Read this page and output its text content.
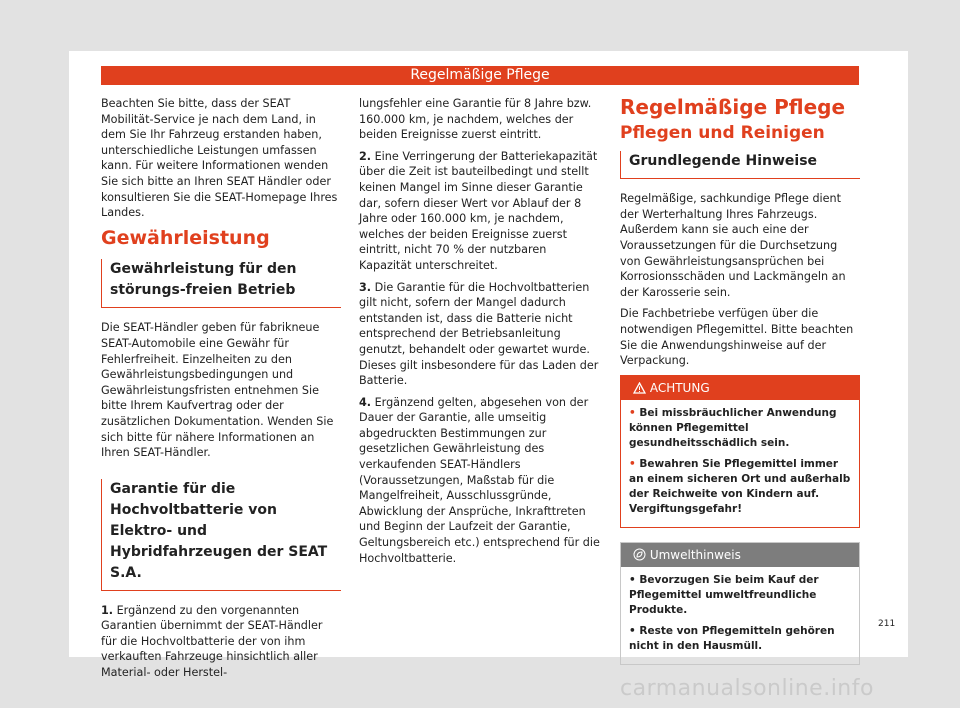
Regelmäßige Pflege

Beachten Sie bitte, dass der SEAT Mobilität-Service je nach dem Land, in dem Sie Ihr Fahrzeug erstanden haben, unterschiedliche Leistungen umfassen kann. Für weitere Informationen wenden Sie sich bitte an Ihren SEAT Händler oder konsultieren Sie die SEAT-Homepage Ihres Landes.

Gewährleistung
Gewährleistung für den störungs-freien Betrieb

Die SEAT-Händler geben für fabrikneue SEAT-Automobile eine Gewähr für Fehlerfreiheit. Einzelheiten zu den Gewährleistungsbedingungen und Gewährleistungsfristen entnehmen Sie bitte Ihrem Kaufvertrag oder der zusätzlichen Dokumentation. Wenden Sie sich bitte für nähere Informationen an Ihren SEAT-Händler.

Garantie für die Hochvoltbatterie von Elektro- und Hybridfahrzeugen der SEAT S.A.

1. Ergänzend zu den vorgenannten Garantien übernimmt der SEAT-Händler für die Hochvoltbatterie der von ihm verkauften Fahrzeuge hinsichtlich aller Material- oder Herstel-

lungsfehler eine Garantie für 8 Jahre bzw. 160.000 km, je nachdem, welches der beiden Ereignisse zuerst eintritt.

2. Eine Verringerung der Batteriekapazität über die Zeit ist bauteilbedingt und stellt keinen Mangel im Sinne dieser Garantie dar, sofern dieser Wert vor Ablauf der 8 Jahre oder 160.000 km, je nachdem, welches der beiden Ereignisse zuerst eintritt, nicht 70 % der nutzbaren Kapazität unterschreitet.

3. Die Garantie für die Hochvoltbatterien gilt nicht, sofern der Mangel dadurch entstanden ist, dass die Batterie nicht entsprechend der Betriebsanleitung genutzt, behandelt oder gewartet wurde. Dieses gilt insbesondere für das Laden der Batterie.

4. Ergänzend gelten, abgesehen von der Dauer der Garantie, alle umseitig abgedruckten Bestimmungen zur gesetzlichen Gewährleistung des verkaufenden SEAT-Händlers (Voraussetzungen, Maßstab für die Mangelfreiheit, Ausschlussgründe, Abwicklung der Ansprüche, Inkrafttreten und Beginn der Laufzeit der Garantie, Geltungsbereich etc.) entsprechend für die Hochvoltbatterie.

Regelmäßige Pflege
Pflegen und Reinigen
Grundlegende Hinweise

Regelmäßige, sachkundige Pflege dient der Werterhaltung Ihres Fahrzeugs. Außerdem kann sie auch eine der Voraussetzungen für die Durchsetzung von Gewährleistungsansprüchen bei Korrosionsschäden und Lackmängeln an der Karosserie sein.

Die Fachbetriebe verfügen über die notwendigen Pflegemittel. Bitte beachten Sie die Anwendungshinweise auf der Verpackung.

ACHTUNG

• Bei missbräuchlicher Anwendung können Pflegemittel gesundheitsschädlich sein.

• Bewahren Sie Pflegemittel immer an einem sicheren Ort und außerhalb der Reichweite von Kindern auf. Vergiftungsgefahr!

Umwelthinweis

• Bevorzugen Sie beim Kauf der Pflegemittel umweltfreundliche Produkte.

• Reste von Pflegemitteln gehören nicht in den Hausmüll.

211
carmanualsonline.info
